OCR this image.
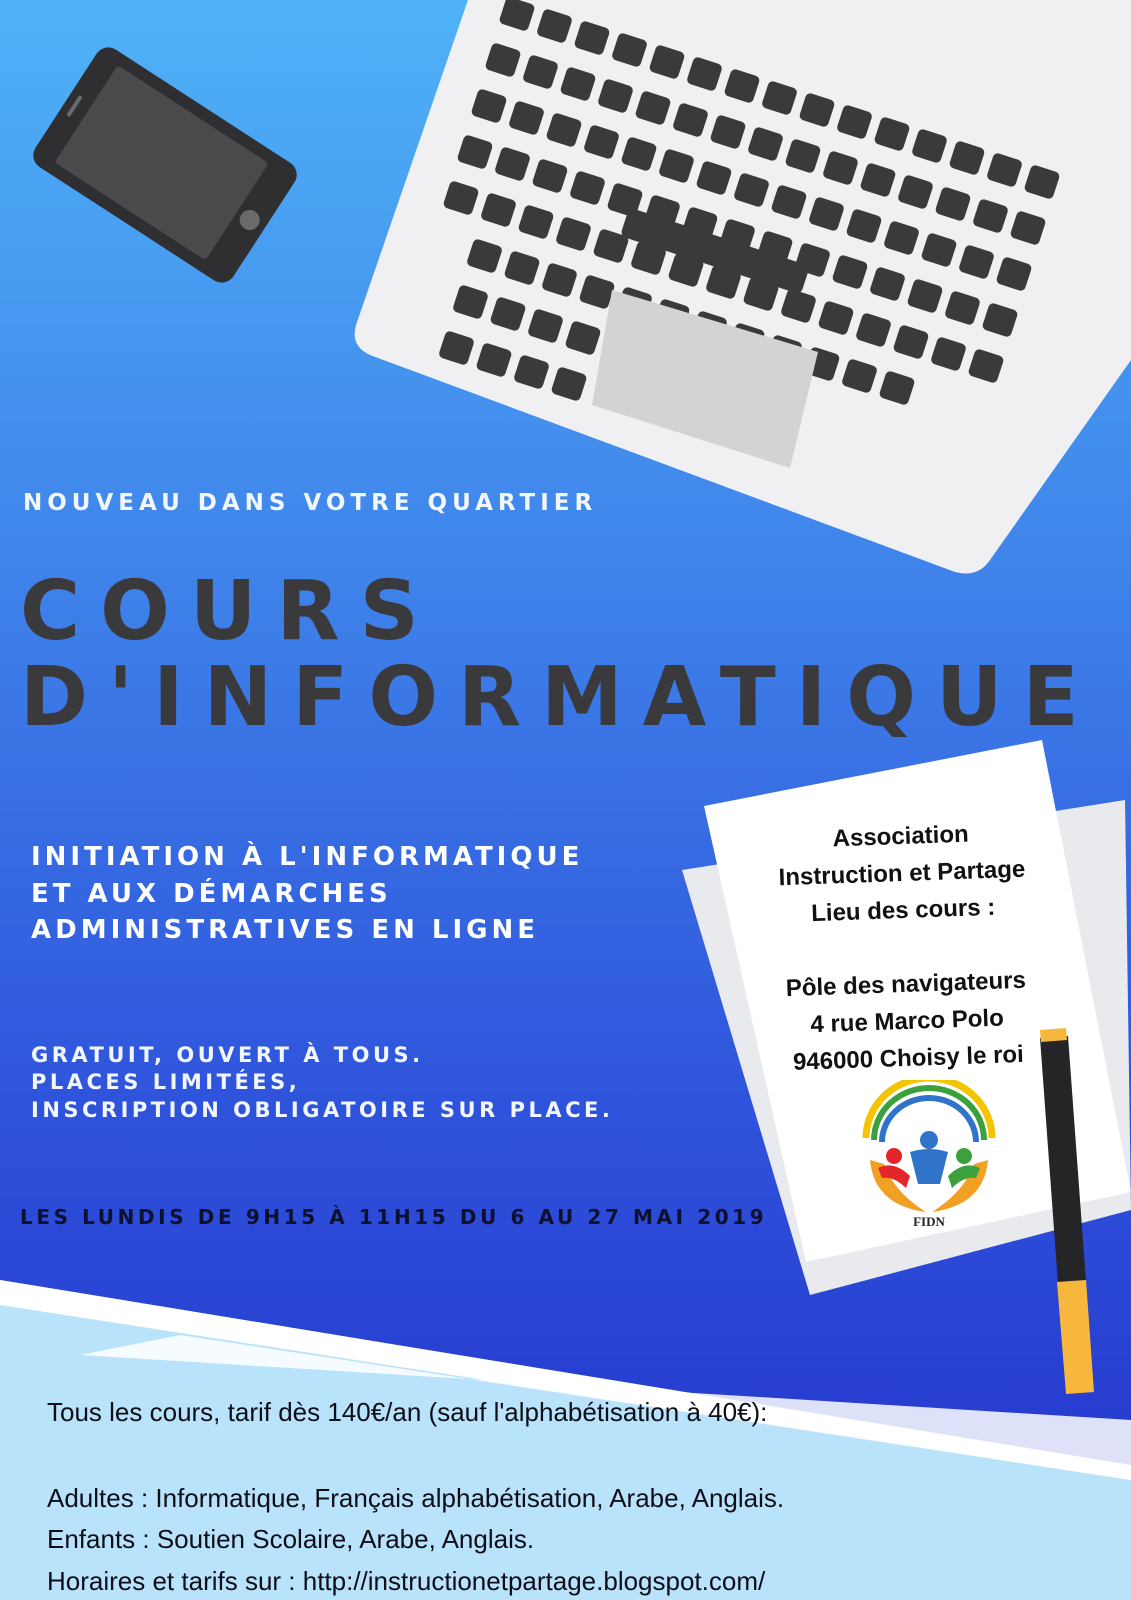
NOUVEAU DANS VOTRE QUARTIER

COURS
D'INFORMATIQUE

INITIATION À L'INFORMATIQUE

ET AUX DÉMARCHES

ADMINISTRATIVES EN LIGNE

GRATUIT, OUVERT À TOUS.

PLACES LIMITÉES,

INSCRIPTION OBLIGATOIRE SUR PLACE.

LES LUNDIS DE 9H15 À 11H15 DU 6 AU 27 MAI 2019

Association
Instruction et Partage
Lieu des cours :
Pôle des navigateurs
4 rue Marco Polo
946000 Choisy le roi
FIDN

Tous les cours, tarif dès 140€/an (sauf l'alphabétisation à 40€):

Adultes : Informatique, Français alphabétisation, Arabe, Anglais.

Enfants : Soutien Scolaire, Arabe, Anglais.

Horaires et tarifs sur : http://instructionetpartage.blogspot.com/
